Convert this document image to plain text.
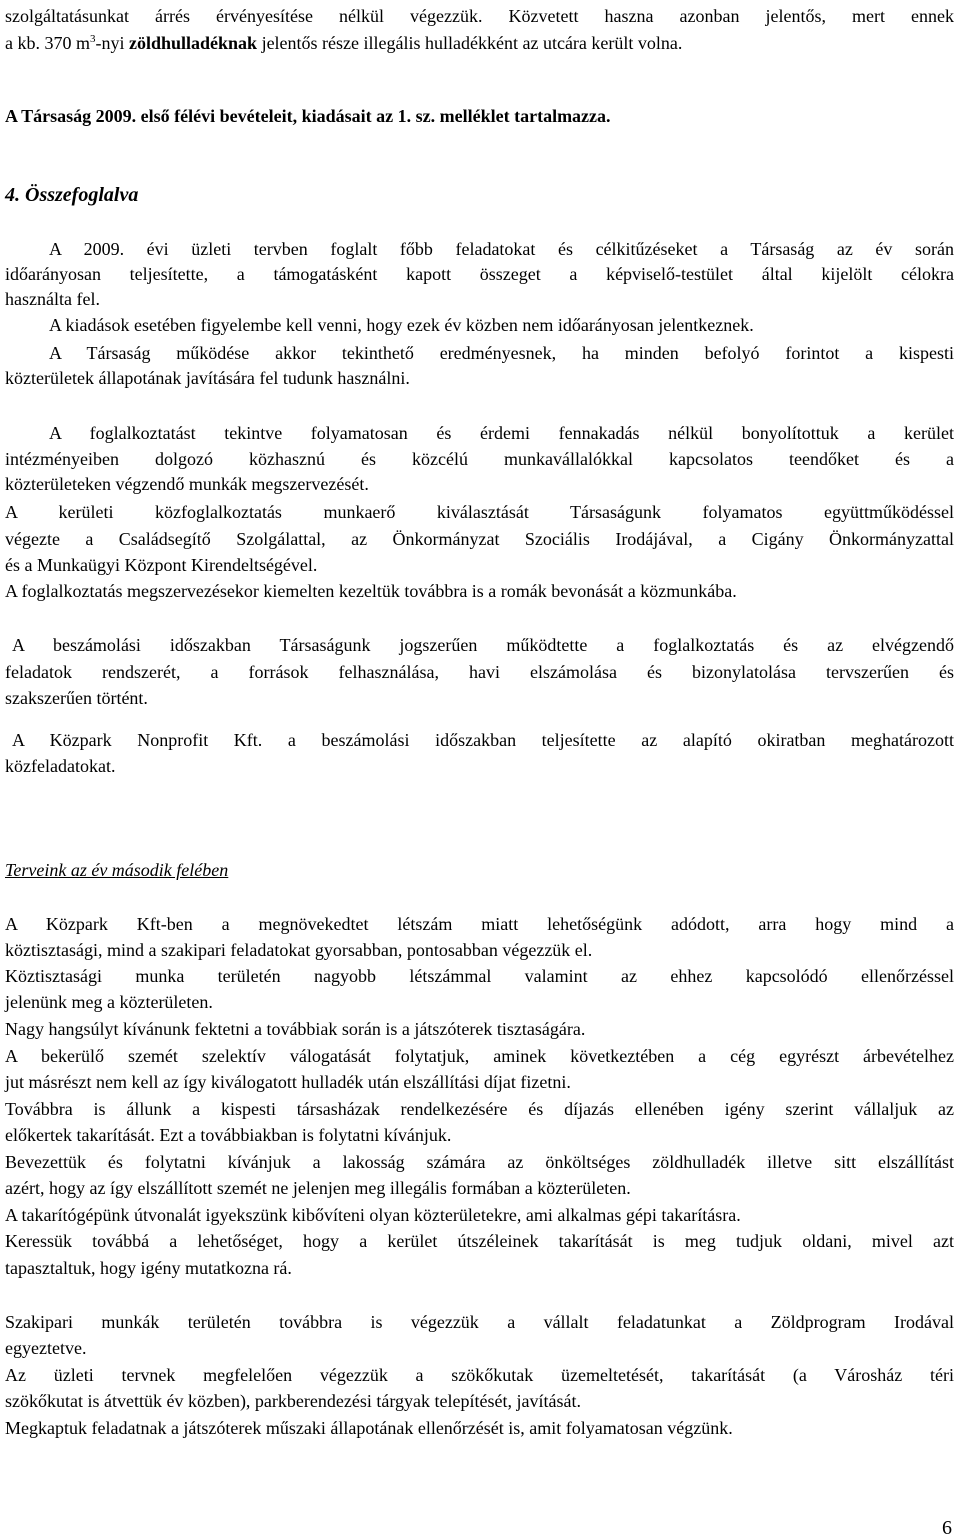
szolgáltatásunkat árrés érvényesítése nélkül végezzük. Közvetett haszna azonban jelentős, mert ennek
a kb. 370 $m^3$-nyi zöldhulladéknak jelentős része illegális hulladékként az utcára került volna.
A Társaság 2009. első félévi bevételeit, kiadásait az 1. sz. melléklet tartalmazza.
4. Összefoglalva
A 2009. évi üzleti tervben foglalt főbb feladatokat és célkitűzéseket a Társaság az év során
időarányosan teljesítette, a támogatásként kapott összeget a képviselő-testület által kijelölt célokra
használta fel.
A kiadások esetében figyelembe kell venni, hogy ezek év közben nem időarányosan jelentkeznek.
A Társaság működése akkor tekinthető eredményesnek, ha minden befolyó forintot a kispesti
közterületek állapotának javítására fel tudunk használni.
A foglalkoztatást tekintve folyamatosan és érdemi fennakadás nélkül bonyolítottuk a kerület
intézményeiben dolgozó közhasznú és közcélú munkavállalókkal kapcsolatos teendőket és a
közterületeken végzendő munkák megszervezését.
A kerületi közfoglalkoztatás munkaerő kiválasztását Társaságunk folyamatos együttműködéssel
végezte a Családsegítő Szolgálattal, az Önkormányzat Szociális Irodájával, a Cigány Önkormányzattal
és a Munkaügyi Központ Kirendeltségével.
A foglalkoztatás megszervezésekor kiemelten kezeltük továbbra is a romák bevonását a közmunkába.
A beszámolási időszakban Társaságunk jogszerűen működtette a foglalkoztatás és az elvégzendő
feladatok rendszerét, a források felhasználása, havi elszámolása és bizonylatolása tervszerűen és
szakszerűen történt.
A Közpark Nonprofit Kft. a beszámolási időszakban teljesítette az alapító okiratban meghatározott
közfeladatokat.
Terveink az év második felében
A Közpark Kft-ben a megnövekedtet létszám miatt lehetőségünk adódott, arra hogy mind a
köztisztasági, mind a szakipari feladatokat gyorsabban, pontosabban végezzük el.
Köztisztasági munka területén nagyobb létszámmal valamint az ehhez kapcsolódó ellenőrzéssel
jelenünk meg a közterületen.
Nagy hangsúlyt kívánunk fektetni a továbbiak során is a játszóterek tisztaságára.
A bekerülő szemét szelektív válogatását folytatjuk, aminek következtében a cég egyrészt árbevételhez
jut másrészt nem kell az így kiválogatott hulladék után elszállítási díjat fizetni.
Továbbra is állunk a kispesti társasházak rendelkezésére és díjazás ellenében igény szerint vállaljuk az
előkertek takarítását. Ezt a továbbiakban is folytatni kívánjuk.
Bevezettük és folytatni kívánjuk a lakosság számára az önköltséges zöldhulladék illetve sitt elszállítást
azért, hogy az így elszállított szemét ne jelenjen meg illegális formában a közterületen.
A takarítógépünk útvonalát igyekszünk kibővíteni olyan közterületekre, ami alkalmas gépi takarításra.
Keressük továbbá a lehetőséget, hogy a kerület útszéleinek takarítását is meg tudjuk oldani, mivel azt
tapasztaltuk, hogy igény mutatkozna rá.
Szakipari munkák területén továbbra is végezzük a vállalt feladatunkat a Zöldprogram Irodával
egyeztetve.
Az üzleti tervnek megfelelően végezzük a szökőkutak üzemeltetését, takarítását (a Városház téri
szökőkutat is átvettük év közben), parkberendezési tárgyak telepítését, javítását.
Megkaptuk feladatnak a játszóterek műszaki állapotának ellenőrzését is, amit folyamatosan végzünk.
6
